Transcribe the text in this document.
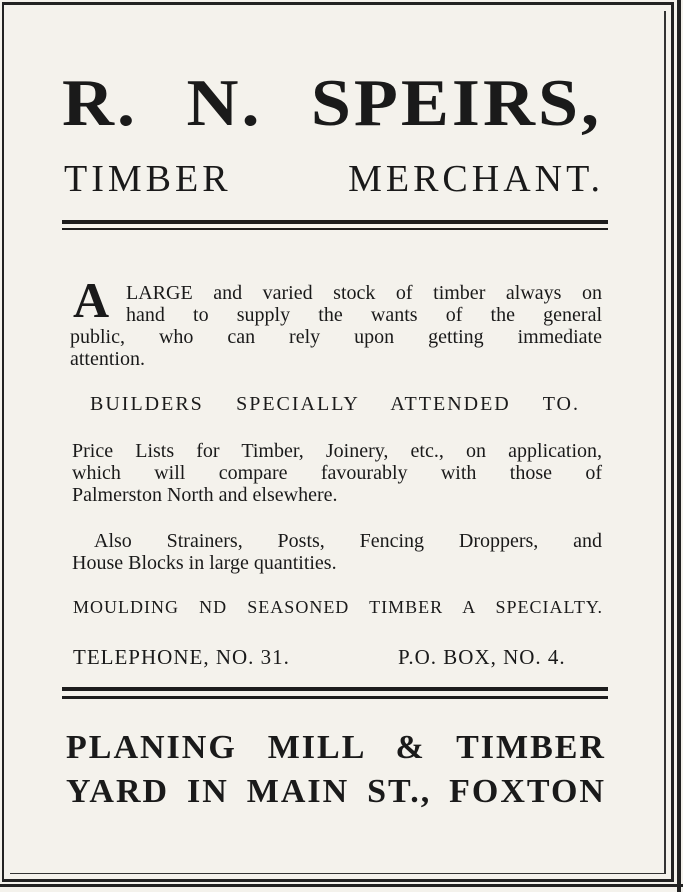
R. N. SPEIRS,
TIMBER MERCHANT.
A LARGE and varied stock of timber always on
hand to supply the wants of the general
public, who can rely upon getting immediate
attention.
BUILDERS SPECIALLY ATTENDED TO.
Price Lists for Timber, Joinery, etc., on application,
which will compare favourably with those of
Palmerston North and elsewhere.
Also Strainers, Posts, Fencing Droppers, and
House Blocks in large quantities.
MOULDING ND SEASONED TIMBER A SPECIALTY.
TELEPHONE, NO. 31.	P.O. BOX, NO. 4.
PLANING MILL & TIMBER
YARD IN MAIN ST., FOXTON
